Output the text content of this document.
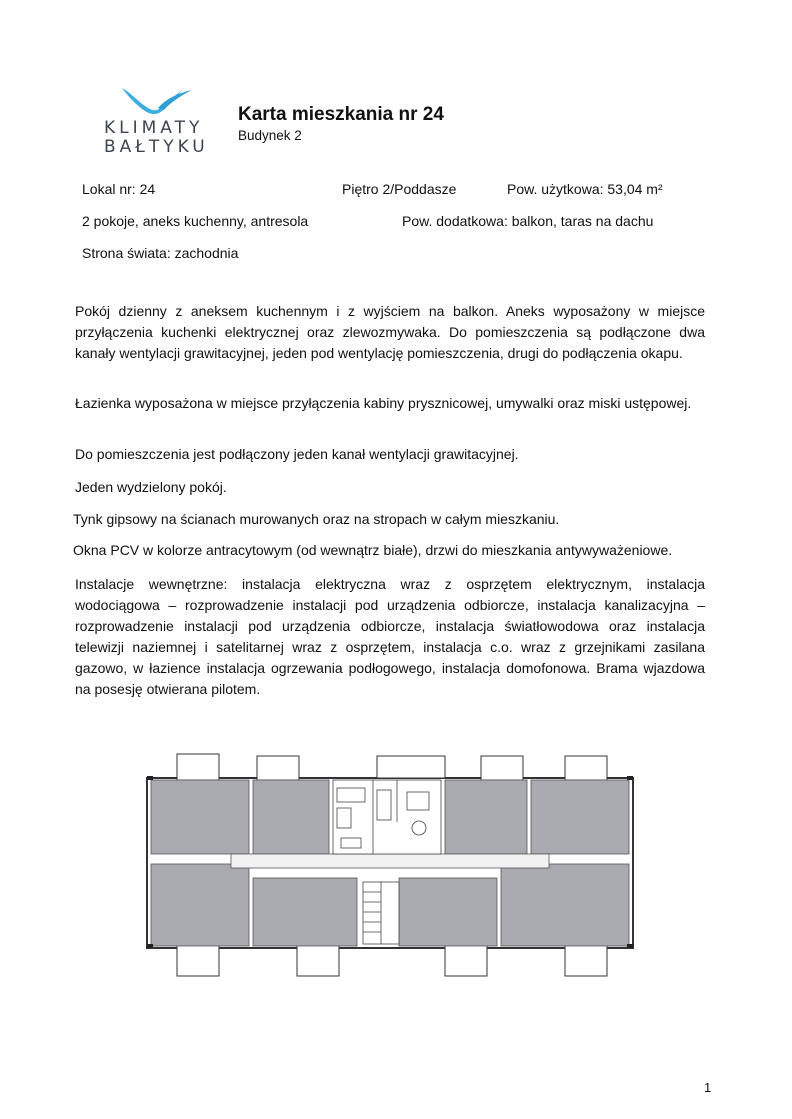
KLIMATY
BAŁTYKU
Karta mieszkania nr 24
Budynek 2
Lokal nr: 24	Piętro 2/Poddasze	Pow. użytkowa: 53,04 m²
2 pokoje, aneks kuchenny, antresola	Pow. dodatkowa: balkon, taras na dachu
Strona świata: zachodnia

Pokój dzienny z aneksem kuchennym i z wyjściem na balkon. Aneks wyposażony w miejsce przyłączenia kuchenki elektrycznej oraz zlewozmywaka. Do pomieszczenia są podłączone dwa kanały wentylacji grawitacyjnej, jeden pod wentylację pomieszczenia, drugi do podłączenia okapu.

Łazienka wyposażona w miejsce przyłączenia kabiny prysznicowej, umywalki oraz miski ustępowej.

Do pomieszczenia jest podłączony jeden kanał wentylacji grawitacyjnej.

Jeden wydzielony pokój.

Tynk gipsowy na ścianach murowanych oraz na stropach w całym mieszkaniu.

Okna PCV w kolorze antracytowym (od wewnątrz białe), drzwi do mieszkania antywyważeniowe.

Instalacje wewnętrzne: instalacja elektryczna wraz z osprzętem elektrycznym, instalacja wodociągowa – rozprowadzenie instalacji pod urządzenia odbiorcze, instalacja kanalizacyjna – rozprowadzenie instalacji pod urządzenia odbiorcze, instalacja światłowodowa oraz instalacja telewizji naziemnej i satelitarnej wraz z osprzętem, instalacja c.o. wraz z grzejnikami zasilana gazowo, w łazience instalacja ogrzewania podłogowego, instalacja domofonowa. Brama wjazdowa na posesję otwierana pilotem.

1
